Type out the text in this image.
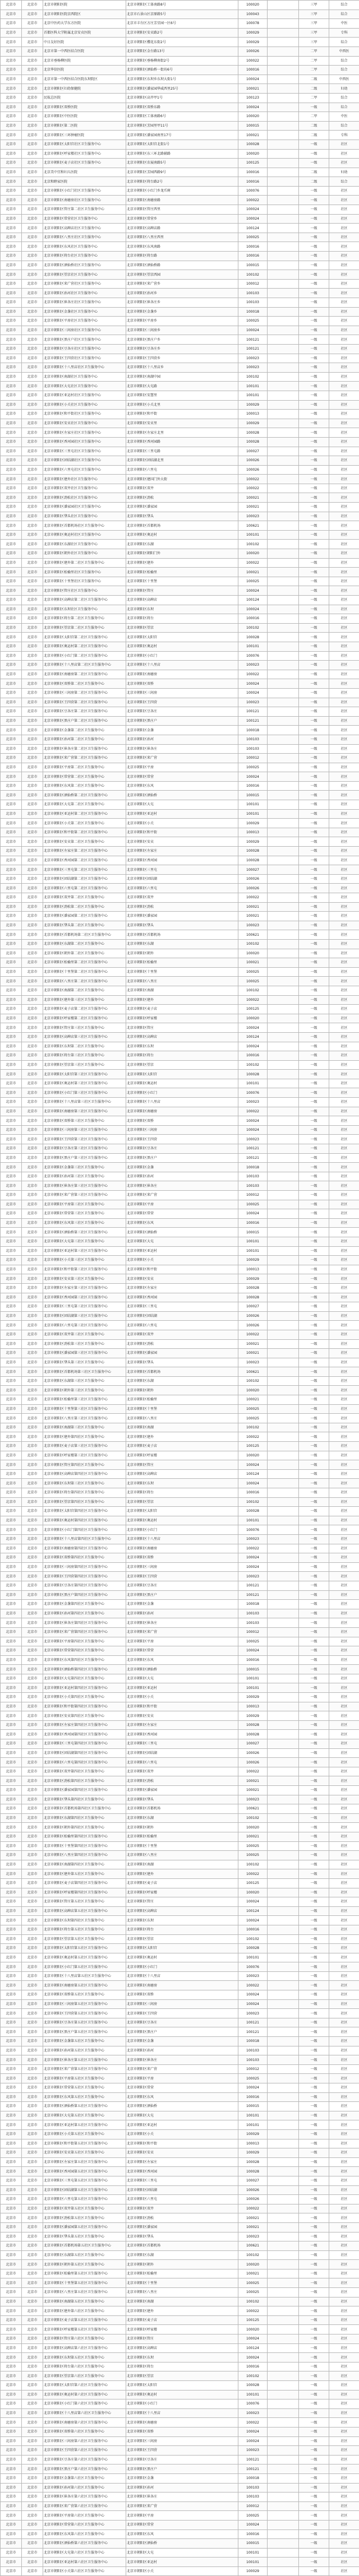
北京市	北京市	北京市朝阳医院	北京市朝阳区工体南路8号	100020		三甲	综合
北京市	北京市	北京市朝阳医院京西院区	北京市石景山区京原路5号	100043		三甲	综合
北京市	北京市	北京中医药大学东方医院	北京市丰台区方庄芳星园一区6号	100078		三甲	中医
北京市	北京市	首都医科大学附属北京安贞医院	北京市朝阳区安贞路2号	100029		三甲	专科
北京市	北京市	中日友好医院	北京市朝阳区樱花东街2号	100029		三甲	综合
北京市	北京市	北京市第一中西医结合医院	北京市朝阳区金台路13号	100026		二甲	中西医
北京市	北京市	北京市垂杨柳医院	北京市朝阳区垂杨柳南街2号	100022		二甲	综合
北京市	北京市	北京华信医院	北京市朝阳区酒仙桥一街坊6号	100016		二甲	综合
北京市	北京市	北京市第一中西医结合医院东坝院区	北京市朝阳区东坝乡东坝大街1号	100024		二级	中西医
北京市	北京市	北京市朝阳区妇幼保健院	北京市朝阳区潘家园华威西里25号	100021		二级	妇幼
北京市	北京市	民航总医院	北京市朝阳区高井甲1号	100123		二甲	综合
北京市	北京市	北京市朝阳区双桥医院	北京市朝阳区双桥东路	100024		一级	综合
北京市	北京市	北京市朝阳区中医医院	北京市朝阳区工体南路6号	100020		二甲	中医
北京市	北京市	北京市朝阳区第二医院	北京市朝阳区芳园里甲11号	100015		二级	综合
北京市	北京市	北京市朝阳区三环肿瘤医院	北京市朝阳区潘家园南里17号	100021		二级	专科
北京市	北京市	北京市朝阳区太阳宫社区卫生服务中心	北京市朝阳区太阳宫北街1号	100028		一级	社区
北京市	北京市	北京市朝阳区呼家楼社区卫生服务中心	北京市朝阳区东三环北路辅路	100020		一级	社区
北京市	北京市	北京市朝阳区麦子店社区卫生服务中心	北京市朝阳区农展南路5号	100125		一级	社区
北京市	北京市	北京美中宜和妇儿医院	北京市朝阳区芳园西路9号	100016		二级	妇幼
北京市	北京市	北京和睦家医院	北京市朝阳区将台路2号	100016		二级	综合
北京市	北京市	北京市朝阳区小红门社区卫生服务中心	北京市朝阳区小红门乡龙爪树	100076		一级	社区
北京市	北京市	北京市朝阳区南磨房社区卫生服务中心	北京市朝阳区南磨房路	100022		一级	社区
北京市	北京市	北京市朝阳区管庄第二社区卫生服务中心	北京市朝阳区管庄西里	100024		一级	社区
北京市	北京市	北京市朝阳区常营社区卫生服务中心	北京市朝阳区常营乡	100024		一级	社区
北京市	北京市	北京市朝阳区高碑店社区卫生服务中心	北京市朝阳区高碑店路	100124		一级	社区
北京市	北京市	北京市朝阳区八里庄社区卫生服务中心	北京市朝阳区八里庄西里	100025		一级	社区
北京市	北京市	北京市朝阳区东风社区卫生服务中心	北京市朝阳区东风南路	100016		一级	社区
北京市	北京市	北京市朝阳区将台社区卫生服务中心	北京市朝阳区将台路	100016		一级	社区
北京市	北京市	北京市朝阳区酒仙桥社区卫生服务中心	北京市朝阳区酒仙桥路	100015		一级	社区
北京市	北京市	北京市朝阳区望京社区卫生服务中心	北京市朝阳区望京西园	100102		一级	社区
北京市	北京市	北京市朝阳区来广营社区卫生服务中心	北京市朝阳区来广营乡	100012		一级	社区
北京市	北京市	北京市朝阳区孙河社区卫生服务中心	北京市朝阳区孙河乡	100103		一级	社区
北京市	北京市	北京市朝阳区崔各庄社区卫生服务中心	北京市朝阳区崔各庄乡	100103		一级	社区
北京市	北京市	北京市朝阳区金盏社区卫生服务中心	北京市朝阳区金盏乡	100018		一级	社区
北京市	北京市	北京市朝阳区平房社区卫生服务中心	北京市朝阳区平房乡	100025		一级	社区
北京市	北京市	北京市朝阳区三间房社区卫生服务中心	北京市朝阳区三间房乡	100024		一级	社区
北京市	北京市	北京市朝阳区黑庄户社区卫生服务中心	北京市朝阳区黑庄户乡	100121		一级	社区
北京市	北京市	北京市朝阳区豆各庄社区卫生服务中心	北京市朝阳区豆各庄乡	100121		一级	社区
北京市	北京市	北京市朝阳区王四营社区卫生服务中心	北京市朝阳区王四营乡	100023		一级	社区
北京市	北京市	北京市朝阳区十八里店社区卫生服务中心	北京市朝阳区十八里店乡	100023		一级	社区
北京市	北京市	北京市朝阳区南湖社区卫生服务中心	北京市朝阳区南湖中园	100102		一级	社区
北京市	北京市	北京市朝阳区大屯社区卫生服务中心	北京市朝阳区大屯路	100101		一级	社区
北京市	北京市	北京市朝阳区亚运村社区卫生服务中心	北京市朝阳区安慧里	100101		一级	社区
北京市	北京市	北京市朝阳区小关社区卫生服务中心	北京市朝阳区小关北里	100029		一级	社区
北京市	北京市	北京市朝阳区和平街社区卫生服务中心	北京市朝阳区和平街	100013		一级	社区
北京市	北京市	北京市朝阳区安贞社区卫生服务中心	北京市朝阳区安贞里	100029		一级	社区
北京市	北京市	北京市朝阳区左家庄社区卫生服务中心	北京市朝阳区左家庄北里	100028		一级	社区
北京市	北京市	北京市朝阳区香河园社区卫生服务中心	北京市朝阳区香河园路	100028		一级	社区
北京市	北京市	北京市朝阳区三里屯社区卫生服务中心	北京市朝阳区三里屯路	100027		一级	社区
北京市	北京市	北京市朝阳区团结湖社区卫生服务中心	北京市朝阳区团结湖北里	100026		一级	社区
北京市	北京市	北京市朝阳区六里屯社区卫生服务中心	北京市朝阳区六里屯	100026		一级	社区
北京市	北京市	北京市朝阳区建外社区卫生服务中心	北京市朝阳区建国门外大街	100022		一级	社区
北京市	北京市	北京市朝阳区双井社区卫生服务中心	北京市朝阳区双井	100022		一级	社区
北京市	北京市	北京市朝阳区劲松社区卫生服务中心	北京市朝阳区劲松	100021		一级	社区
北京市	北京市	北京市朝阳区潘家园社区卫生服务中心	北京市朝阳区潘家园	100021		一级	社区
北京市	北京市	北京市朝阳区垡头社区卫生服务中心	北京市朝阳区垡头	100023		一级	社区
北京市	北京市	北京市朝阳区首都机场社区卫生服务中心	北京市朝阳区首都机场	100621		一级	社区
北京市	北京市	北京市朝阳区奥运村社区卫生服务中心	北京市朝阳区奥运村	100101		一级	社区
北京市	北京市	北京市朝阳区东湖社区卫生服务中心	北京市朝阳区东湖	100102		一级	社区
北京市	北京市	北京市朝阳区朝外社区卫生服务中心	北京市朝阳区朝阳门外	100020		一级	社区
北京市	北京市	北京市朝阳区建外第二社区卫生服务中心	北京市朝阳区建外	100022		一级	社区
北京市	北京市	北京市朝阳区松榆里社区卫生服务中心	北京市朝阳区松榆里	100021		一级	社区
北京市	北京市	北京市朝阳区十里堡社区卫生服务中心	北京市朝阳区十里堡	100025		一级	社区
北京市	北京市	北京市朝阳区管庄社区卫生服务中心	北京市朝阳区管庄	100024		一级	社区
北京市	北京市	北京市朝阳区高碑店第二社区卫生服务中心	北京市朝阳区高碑店	100124		一级	社区
北京市	北京市	北京市朝阳区东坝社区卫生服务中心	北京市朝阳区东坝	100024		一级	社区
北京市	北京市	北京市朝阳区将台第二社区卫生服务中心	北京市朝阳区将台	100016		一级	社区
北京市	北京市	北京市朝阳区望京第二社区卫生服务中心	北京市朝阳区望京	100102		一级	社区
北京市	北京市	北京市朝阳区太阳宫第二社区卫生服务中心	北京市朝阳区太阳宫	100028		一级	社区
北京市	北京市	北京市朝阳区奥运村第二社区卫生服务中心	北京市朝阳区奥运村	100101		一级	社区
北京市	北京市	北京市朝阳区小红门第二社区卫生服务中心	北京市朝阳区小红门	100076		一级	社区
北京市	北京市	北京市朝阳区十八里店第二社区卫生服务中心	北京市朝阳区十八里店	100023		一级	社区
北京市	北京市	北京市朝阳区南磨房第二社区卫生服务中心	北京市朝阳区南磨房	100022		一级	社区
北京市	北京市	北京市朝阳区双桥第二社区卫生服务中心	北京市朝阳区双桥	100024		一级	社区
北京市	北京市	北京市朝阳区三间房第二社区卫生服务中心	北京市朝阳区三间房	100024		一级	社区
北京市	北京市	北京市朝阳区王四营第二社区卫生服务中心	北京市朝阳区王四营	100023		一级	社区
北京市	北京市	北京市朝阳区豆各庄第二社区卫生服务中心	北京市朝阳区豆各庄	100121		一级	社区
北京市	北京市	北京市朝阳区黑庄户第二社区卫生服务中心	北京市朝阳区黑庄户	100121		一级	社区
北京市	北京市	北京市朝阳区金盏第二社区卫生服务中心	北京市朝阳区金盏	100018		一级	社区
北京市	北京市	北京市朝阳区孙河第二社区卫生服务中心	北京市朝阳区孙河	100103		一级	社区
北京市	北京市	北京市朝阳区崔各庄第二社区卫生服务中心	北京市朝阳区崔各庄	100103		一级	社区
北京市	北京市	北京市朝阳区来广营第二社区卫生服务中心	北京市朝阳区来广营	100012		一级	社区
北京市	北京市	北京市朝阳区平房第二社区卫生服务中心	北京市朝阳区平房	100025		一级	社区
北京市	北京市	北京市朝阳区常营第二社区卫生服务中心	北京市朝阳区常营	100024		一级	社区
北京市	北京市	北京市朝阳区东风第二社区卫生服务中心	北京市朝阳区东风	100016		一级	社区
北京市	北京市	北京市朝阳区酒仙桥第二社区卫生服务中心	北京市朝阳区酒仙桥	100015		一级	社区
北京市	北京市	北京市朝阳区大屯第二社区卫生服务中心	北京市朝阳区大屯	100101		一级	社区
北京市	北京市	北京市朝阳区亚运村第二社区卫生服务中心	北京市朝阳区亚运村	100101		一级	社区
北京市	北京市	北京市朝阳区小关第二社区卫生服务中心	北京市朝阳区小关	100029		一级	社区
北京市	北京市	北京市朝阳区和平街第二社区卫生服务中心	北京市朝阳区和平街	100013		一级	社区
北京市	北京市	北京市朝阳区安贞第二社区卫生服务中心	北京市朝阳区安贞	100029		一级	社区
北京市	北京市	北京市朝阳区左家庄第二社区卫生服务中心	北京市朝阳区左家庄	100028		一级	社区
北京市	北京市	北京市朝阳区香河园第二社区卫生服务中心	北京市朝阳区香河园	100028		一级	社区
北京市	北京市	北京市朝阳区三里屯第二社区卫生服务中心	北京市朝阳区三里屯	100027		一级	社区
北京市	北京市	北京市朝阳区团结湖第二社区卫生服务中心	北京市朝阳区团结湖	100026		一级	社区
北京市	北京市	北京市朝阳区六里屯第二社区卫生服务中心	北京市朝阳区六里屯	100026		一级	社区
北京市	北京市	北京市朝阳区双井第二社区卫生服务中心	北京市朝阳区双井	100022		一级	社区
北京市	北京市	北京市朝阳区劲松第二社区卫生服务中心	北京市朝阳区劲松	100021		一级	社区
北京市	北京市	北京市朝阳区潘家园第二社区卫生服务中心	北京市朝阳区潘家园	100021		一级	社区
北京市	北京市	北京市朝阳区垡头第二社区卫生服务中心	北京市朝阳区垡头	100023		一级	社区
北京市	北京市	北京市朝阳区首都机场第二社区卫生服务中心	北京市朝阳区首都机场	100621		一级	社区
北京市	北京市	北京市朝阳区东湖第二社区卫生服务中心	北京市朝阳区东湖	100102		一级	社区
北京市	北京市	北京市朝阳区朝外第二社区卫生服务中心	北京市朝阳区朝外	100020		一级	社区
北京市	北京市	北京市朝阳区松榆里第二社区卫生服务中心	北京市朝阳区松榆里	100021		一级	社区
北京市	北京市	北京市朝阳区十里堡第二社区卫生服务中心	北京市朝阳区十里堡	100025		一级	社区
北京市	北京市	北京市朝阳区八里庄第二社区卫生服务中心	北京市朝阳区八里庄	100025		一级	社区
北京市	北京市	北京市朝阳区南湖第二社区卫生服务中心	北京市朝阳区南湖	100102		一级	社区
北京市	北京市	北京市朝阳区建外第三社区卫生服务中心	北京市朝阳区建外	100022		一级	社区
北京市	北京市	北京市朝阳区麦子店第二社区卫生服务中心	北京市朝阳区麦子店	100125		一级	社区
北京市	北京市	北京市朝阳区呼家楼第二社区卫生服务中心	北京市朝阳区呼家楼	100020		一级	社区
北京市	北京市	北京市朝阳区管庄第三社区卫生服务中心	北京市朝阳区管庄	100024		一级	社区
北京市	北京市	北京市朝阳区高碑店第三社区卫生服务中心	北京市朝阳区高碑店	100124		一级	社区
北京市	北京市	北京市朝阳区东坝第二社区卫生服务中心	北京市朝阳区东坝	100024		一级	社区
北京市	北京市	北京市朝阳区将台第三社区卫生服务中心	北京市朝阳区将台	100016		一级	社区
北京市	北京市	北京市朝阳区望京第三社区卫生服务中心	北京市朝阳区望京	100102		一级	社区
北京市	北京市	北京市朝阳区太阳宫第三社区卫生服务中心	北京市朝阳区太阳宫	100028		一级	社区
北京市	北京市	北京市朝阳区奥运村第三社区卫生服务中心	北京市朝阳区奥运村	100101		一级	社区
北京市	北京市	北京市朝阳区小红门第三社区卫生服务中心	北京市朝阳区小红门	100076		一级	社区
北京市	北京市	北京市朝阳区十八里店第三社区卫生服务中心	北京市朝阳区十八里店	100023		一级	社区
北京市	北京市	北京市朝阳区南磨房第三社区卫生服务中心	北京市朝阳区南磨房	100022		一级	社区
北京市	北京市	北京市朝阳区双桥第三社区卫生服务中心	北京市朝阳区双桥	100024		一级	社区
北京市	北京市	北京市朝阳区三间房第三社区卫生服务中心	北京市朝阳区三间房	100024		一级	社区
北京市	北京市	北京市朝阳区王四营第三社区卫生服务中心	北京市朝阳区王四营	100023		一级	社区
北京市	北京市	北京市朝阳区豆各庄第三社区卫生服务中心	北京市朝阳区豆各庄	100121		一级	社区
北京市	北京市	北京市朝阳区黑庄户第三社区卫生服务中心	北京市朝阳区黑庄户	100121		一级	社区
北京市	北京市	北京市朝阳区金盏第三社区卫生服务中心	北京市朝阳区金盏	100018		一级	社区
北京市	北京市	北京市朝阳区孙河第三社区卫生服务中心	北京市朝阳区孙河	100103		一级	社区
北京市	北京市	北京市朝阳区崔各庄第三社区卫生服务中心	北京市朝阳区崔各庄	100103		一级	社区
北京市	北京市	北京市朝阳区来广营第三社区卫生服务中心	北京市朝阳区来广营	100012		一级	社区
北京市	北京市	北京市朝阳区平房第三社区卫生服务中心	北京市朝阳区平房	100025		一级	社区
北京市	北京市	北京市朝阳区常营第三社区卫生服务中心	北京市朝阳区常营	100024		一级	社区
北京市	北京市	北京市朝阳区东风第三社区卫生服务中心	北京市朝阳区东风	100016		一级	社区
北京市	北京市	北京市朝阳区酒仙桥第三社区卫生服务中心	北京市朝阳区酒仙桥	100015		一级	社区
北京市	北京市	北京市朝阳区大屯第三社区卫生服务中心	北京市朝阳区大屯	100101		一级	社区
北京市	北京市	北京市朝阳区亚运村第三社区卫生服务中心	北京市朝阳区亚运村	100101		一级	社区
北京市	北京市	北京市朝阳区小关第三社区卫生服务中心	北京市朝阳区小关	100029		一级	社区
北京市	北京市	北京市朝阳区和平街第三社区卫生服务中心	北京市朝阳区和平街	100013		一级	社区
北京市	北京市	北京市朝阳区安贞第三社区卫生服务中心	北京市朝阳区安贞	100029		一级	社区
北京市	北京市	北京市朝阳区左家庄第三社区卫生服务中心	北京市朝阳区左家庄	100028		一级	社区
北京市	北京市	北京市朝阳区香河园第三社区卫生服务中心	北京市朝阳区香河园	100028		一级	社区
北京市	北京市	北京市朝阳区三里屯第三社区卫生服务中心	北京市朝阳区三里屯	100027		一级	社区
北京市	北京市	北京市朝阳区团结湖第三社区卫生服务中心	北京市朝阳区团结湖	100026		一级	社区
北京市	北京市	北京市朝阳区六里屯第三社区卫生服务中心	北京市朝阳区六里屯	100026		一级	社区
北京市	北京市	北京市朝阳区双井第三社区卫生服务中心	北京市朝阳区双井	100022		一级	社区
北京市	北京市	北京市朝阳区劲松第三社区卫生服务中心	北京市朝阳区劲松	100021		一级	社区
北京市	北京市	北京市朝阳区潘家园第三社区卫生服务中心	北京市朝阳区潘家园	100021		一级	社区
北京市	北京市	北京市朝阳区垡头第三社区卫生服务中心	北京市朝阳区垡头	100023		一级	社区
北京市	北京市	北京市朝阳区首都机场第三社区卫生服务中心	北京市朝阳区首都机场	100621		一级	社区
北京市	北京市	北京市朝阳区东湖第三社区卫生服务中心	北京市朝阳区东湖	100102		一级	社区
北京市	北京市	北京市朝阳区朝外第三社区卫生服务中心	北京市朝阳区朝外	100020		一级	社区
北京市	北京市	北京市朝阳区松榆里第三社区卫生服务中心	北京市朝阳区松榆里	100021		一级	社区
北京市	北京市	北京市朝阳区十里堡第三社区卫生服务中心	北京市朝阳区十里堡	100025		一级	社区
北京市	北京市	北京市朝阳区八里庄第三社区卫生服务中心	北京市朝阳区八里庄	100025		一级	社区
北京市	北京市	北京市朝阳区南湖第三社区卫生服务中心	北京市朝阳区南湖	100102		一级	社区
北京市	北京市	北京市朝阳区建外第四社区卫生服务中心	北京市朝阳区建外	100022		一级	社区
北京市	北京市	北京市朝阳区麦子店第三社区卫生服务中心	北京市朝阳区麦子店	100125		一级	社区
北京市	北京市	北京市朝阳区呼家楼第三社区卫生服务中心	北京市朝阳区呼家楼	100020		一级	社区
北京市	北京市	北京市朝阳区管庄第四社区卫生服务中心	北京市朝阳区管庄	100024		一级	社区
北京市	北京市	北京市朝阳区高碑店第四社区卫生服务中心	北京市朝阳区高碑店	100124		一级	社区
北京市	北京市	北京市朝阳区东坝第三社区卫生服务中心	北京市朝阳区东坝	100024		一级	社区
北京市	北京市	北京市朝阳区将台第四社区卫生服务中心	北京市朝阳区将台	100016		一级	社区
北京市	北京市	北京市朝阳区望京第四社区卫生服务中心	北京市朝阳区望京	100102		一级	社区
北京市	北京市	北京市朝阳区太阳宫第四社区卫生服务中心	北京市朝阳区太阳宫	100028		一级	社区
北京市	北京市	北京市朝阳区奥运村第四社区卫生服务中心	北京市朝阳区奥运村	100101		一级	社区
北京市	北京市	北京市朝阳区小红门第四社区卫生服务中心	北京市朝阳区小红门	100076		一级	社区
北京市	北京市	北京市朝阳区十八里店第四社区卫生服务中心	北京市朝阳区十八里店	100023		一级	社区
北京市	北京市	北京市朝阳区南磨房第四社区卫生服务中心	北京市朝阳区南磨房	100022		一级	社区
北京市	北京市	北京市朝阳区双桥第四社区卫生服务中心	北京市朝阳区双桥	100024		一级	社区
北京市	北京市	北京市朝阳区三间房第四社区卫生服务中心	北京市朝阳区三间房	100024		一级	社区
北京市	北京市	北京市朝阳区王四营第四社区卫生服务中心	北京市朝阳区王四营	100023		一级	社区
北京市	北京市	北京市朝阳区豆各庄第四社区卫生服务中心	北京市朝阳区豆各庄	100121		一级	社区
北京市	北京市	北京市朝阳区黑庄户第四社区卫生服务中心	北京市朝阳区黑庄户	100121		一级	社区
北京市	北京市	北京市朝阳区金盏第四社区卫生服务中心	北京市朝阳区金盏	100018		一级	社区
北京市	北京市	北京市朝阳区孙河第四社区卫生服务中心	北京市朝阳区孙河	100103		一级	社区
北京市	北京市	北京市朝阳区崔各庄第四社区卫生服务中心	北京市朝阳区崔各庄	100103		一级	社区
北京市	北京市	北京市朝阳区来广营第四社区卫生服务中心	北京市朝阳区来广营	100012		一级	社区
北京市	北京市	北京市朝阳区平房第四社区卫生服务中心	北京市朝阳区平房	100025		一级	社区
北京市	北京市	北京市朝阳区常营第四社区卫生服务中心	北京市朝阳区常营	100024		一级	社区
北京市	北京市	北京市朝阳区东风第四社区卫生服务中心	北京市朝阳区东风	100016		一级	社区
北京市	北京市	北京市朝阳区酒仙桥第四社区卫生服务中心	北京市朝阳区酒仙桥	100015		一级	社区
北京市	北京市	北京市朝阳区大屯第四社区卫生服务中心	北京市朝阳区大屯	100101		一级	社区
北京市	北京市	北京市朝阳区亚运村第四社区卫生服务中心	北京市朝阳区亚运村	100101		一级	社区
北京市	北京市	北京市朝阳区小关第四社区卫生服务中心	北京市朝阳区小关	100029		一级	社区
北京市	北京市	北京市朝阳区和平街第四社区卫生服务中心	北京市朝阳区和平街	100013		一级	社区
北京市	北京市	北京市朝阳区安贞第四社区卫生服务中心	北京市朝阳区安贞	100029		一级	社区
北京市	北京市	北京市朝阳区左家庄第四社区卫生服务中心	北京市朝阳区左家庄	100028		一级	社区
北京市	北京市	北京市朝阳区香河园第四社区卫生服务中心	北京市朝阳区香河园	100028		一级	社区
北京市	北京市	北京市朝阳区三里屯第四社区卫生服务中心	北京市朝阳区三里屯	100027		一级	社区
北京市	北京市	北京市朝阳区团结湖第四社区卫生服务中心	北京市朝阳区团结湖	100026		一级	社区
北京市	北京市	北京市朝阳区六里屯第四社区卫生服务中心	北京市朝阳区六里屯	100026		一级	社区
北京市	北京市	北京市朝阳区双井第四社区卫生服务中心	北京市朝阳区双井	100022		一级	社区
北京市	北京市	北京市朝阳区劲松第四社区卫生服务中心	北京市朝阳区劲松	100021		一级	社区
北京市	北京市	北京市朝阳区潘家园第四社区卫生服务中心	北京市朝阳区潘家园	100021		一级	社区
北京市	北京市	北京市朝阳区垡头第四社区卫生服务中心	北京市朝阳区垡头	100023		一级	社区
北京市	北京市	北京市朝阳区首都机场第四社区卫生服务中心	北京市朝阳区首都机场	100621		一级	社区
北京市	北京市	北京市朝阳区东湖第四社区卫生服务中心	北京市朝阳区东湖	100102		一级	社区
北京市	北京市	北京市朝阳区朝外第四社区卫生服务中心	北京市朝阳区朝外	100020		一级	社区
北京市	北京市	北京市朝阳区松榆里第四社区卫生服务中心	北京市朝阳区松榆里	100021		一级	社区
北京市	北京市	北京市朝阳区十里堡第四社区卫生服务中心	北京市朝阳区十里堡	100025		一级	社区
北京市	北京市	北京市朝阳区八里庄第四社区卫生服务中心	北京市朝阳区八里庄	100025		一级	社区
北京市	北京市	北京市朝阳区南湖第四社区卫生服务中心	北京市朝阳区南湖	100102		一级	社区
北京市	北京市	北京市朝阳区建外第五社区卫生服务中心	北京市朝阳区建外	100022		一级	社区
北京市	北京市	北京市朝阳区麦子店第四社区卫生服务中心	北京市朝阳区麦子店	100125		一级	社区
北京市	北京市	北京市朝阳区呼家楼第四社区卫生服务中心	北京市朝阳区呼家楼	100020		一级	社区
北京市	北京市	北京市朝阳区管庄第五社区卫生服务中心	北京市朝阳区管庄	100024		一级	社区
北京市	北京市	北京市朝阳区高碑店第五社区卫生服务中心	北京市朝阳区高碑店	100124		一级	社区
北京市	北京市	北京市朝阳区东坝第四社区卫生服务中心	北京市朝阳区东坝	100024		一级	社区
北京市	北京市	北京市朝阳区将台第五社区卫生服务中心	北京市朝阳区将台	100016		一级	社区
北京市	北京市	北京市朝阳区望京第五社区卫生服务中心	北京市朝阳区望京	100102		一级	社区
北京市	北京市	北京市朝阳区太阳宫第五社区卫生服务中心	北京市朝阳区太阳宫	100028		一级	社区
北京市	北京市	北京市朝阳区奥运村第五社区卫生服务中心	北京市朝阳区奥运村	100101		一级	社区
北京市	北京市	北京市朝阳区小红门第五社区卫生服务中心	北京市朝阳区小红门	100076		一级	社区
北京市	北京市	北京市朝阳区十八里店第五社区卫生服务中心	北京市朝阳区十八里店	100023		一级	社区
北京市	北京市	北京市朝阳区南磨房第五社区卫生服务中心	北京市朝阳区南磨房	100022		一级	社区
北京市	北京市	北京市朝阳区双桥第五社区卫生服务中心	北京市朝阳区双桥	100024		一级	社区
北京市	北京市	北京市朝阳区三间房第五社区卫生服务中心	北京市朝阳区三间房	100024		一级	社区
北京市	北京市	北京市朝阳区王四营第五社区卫生服务中心	北京市朝阳区王四营	100023		一级	社区
北京市	北京市	北京市朝阳区豆各庄第五社区卫生服务中心	北京市朝阳区豆各庄	100121		一级	社区
北京市	北京市	北京市朝阳区黑庄户第五社区卫生服务中心	北京市朝阳区黑庄户	100121		一级	社区
北京市	北京市	北京市朝阳区金盏第五社区卫生服务中心	北京市朝阳区金盏	100018		一级	社区
北京市	北京市	北京市朝阳区孙河第五社区卫生服务中心	北京市朝阳区孙河	100103		一级	社区
北京市	北京市	北京市朝阳区崔各庄第五社区卫生服务中心	北京市朝阳区崔各庄	100103		一级	社区
北京市	北京市	北京市朝阳区来广营第五社区卫生服务中心	北京市朝阳区来广营	100012		一级	社区
北京市	北京市	北京市朝阳区平房第五社区卫生服务中心	北京市朝阳区平房	100025		一级	社区
北京市	北京市	北京市朝阳区常营第五社区卫生服务中心	北京市朝阳区常营	100024		一级	社区
北京市	北京市	北京市朝阳区东风第五社区卫生服务中心	北京市朝阳区东风	100016		一级	社区
北京市	北京市	北京市朝阳区酒仙桥第五社区卫生服务中心	北京市朝阳区酒仙桥	100015		一级	社区
北京市	北京市	北京市朝阳区大屯第五社区卫生服务中心	北京市朝阳区大屯	100101		一级	社区
北京市	北京市	北京市朝阳区亚运村第五社区卫生服务中心	北京市朝阳区亚运村	100101		一级	社区
北京市	北京市	北京市朝阳区小关第五社区卫生服务中心	北京市朝阳区小关	100029		一级	社区
北京市	北京市	北京市朝阳区和平街第五社区卫生服务中心	北京市朝阳区和平街	100013		一级	社区
北京市	北京市	北京市朝阳区安贞第五社区卫生服务中心	北京市朝阳区安贞	100029		一级	社区
北京市	北京市	北京市朝阳区左家庄第五社区卫生服务中心	北京市朝阳区左家庄	100028		一级	社区
北京市	北京市	北京市朝阳区香河园第五社区卫生服务中心	北京市朝阳区香河园	100028		一级	社区
北京市	北京市	北京市朝阳区三里屯第五社区卫生服务中心	北京市朝阳区三里屯	100027		一级	社区
北京市	北京市	北京市朝阳区团结湖第五社区卫生服务中心	北京市朝阳区团结湖	100026		一级	社区
北京市	北京市	北京市朝阳区六里屯第五社区卫生服务中心	北京市朝阳区六里屯	100026		一级	社区
北京市	北京市	北京市朝阳区双井第五社区卫生服务中心	北京市朝阳区双井	100022		一级	社区
北京市	北京市	北京市朝阳区劲松第五社区卫生服务中心	北京市朝阳区劲松	100021		一级	社区
北京市	北京市	北京市朝阳区潘家园第五社区卫生服务中心	北京市朝阳区潘家园	100021		一级	社区
北京市	北京市	北京市朝阳区垡头第五社区卫生服务中心	北京市朝阳区垡头	100023		一级	社区
北京市	北京市	北京市朝阳区首都机场第五社区卫生服务中心	北京市朝阳区首都机场	100621		一级	社区
北京市	北京市	北京市朝阳区东湖第五社区卫生服务中心	北京市朝阳区东湖	100102		一级	社区
北京市	北京市	北京市朝阳区朝外第五社区卫生服务中心	北京市朝阳区朝外	100020		一级	社区
北京市	北京市	北京市朝阳区松榆里第五社区卫生服务中心	北京市朝阳区松榆里	100021		一级	社区
北京市	北京市	北京市朝阳区十里堡第五社区卫生服务中心	北京市朝阳区十里堡	100025		一级	社区
北京市	北京市	北京市朝阳区八里庄第五社区卫生服务中心	北京市朝阳区八里庄	100025		一级	社区
北京市	北京市	北京市朝阳区南湖第五社区卫生服务中心	北京市朝阳区南湖	100102		一级	社区
北京市	北京市	北京市朝阳区建外第六社区卫生服务中心	北京市朝阳区建外	100022		一级	社区
北京市	北京市	北京市朝阳区麦子店第五社区卫生服务中心	北京市朝阳区麦子店	100125		一级	社区
北京市	北京市	北京市朝阳区呼家楼第五社区卫生服务中心	北京市朝阳区呼家楼	100020		一级	社区
北京市	北京市	北京市朝阳区管庄第六社区卫生服务中心	北京市朝阳区管庄	100024		一级	社区
北京市	北京市	北京市朝阳区高碑店第六社区卫生服务中心	北京市朝阳区高碑店	100124		一级	社区
北京市	北京市	北京市朝阳区东坝第五社区卫生服务中心	北京市朝阳区东坝	100024		一级	社区
北京市	北京市	北京市朝阳区将台第六社区卫生服务中心	北京市朝阳区将台	100016		一级	社区
北京市	北京市	北京市朝阳区望京第六社区卫生服务中心	北京市朝阳区望京	100102		一级	社区
北京市	北京市	北京市朝阳区太阳宫第六社区卫生服务中心	北京市朝阳区太阳宫	100028		一级	社区
北京市	北京市	北京市朝阳区奥运村第六社区卫生服务中心	北京市朝阳区奥运村	100101		一级	社区
北京市	北京市	北京市朝阳区小红门第六社区卫生服务中心	北京市朝阳区小红门	100076		一级	社区
北京市	北京市	北京市朝阳区十八里店第六社区卫生服务中心	北京市朝阳区十八里店	100023		一级	社区
北京市	北京市	北京市朝阳区南磨房第六社区卫生服务中心	北京市朝阳区南磨房	100022		一级	社区
北京市	北京市	北京市朝阳区双桥第六社区卫生服务中心	北京市朝阳区双桥	100024		一级	社区
北京市	北京市	北京市朝阳区三间房第六社区卫生服务中心	北京市朝阳区三间房	100024		一级	社区
北京市	北京市	北京市朝阳区王四营第六社区卫生服务中心	北京市朝阳区王四营	100023		一级	社区
北京市	北京市	北京市朝阳区豆各庄第六社区卫生服务中心	北京市朝阳区豆各庄	100121		一级	社区
北京市	北京市	北京市朝阳区黑庄户第六社区卫生服务中心	北京市朝阳区黑庄户	100121		一级	社区
北京市	北京市	北京市朝阳区金盏第六社区卫生服务中心	北京市朝阳区金盏	100018		一级	社区
北京市	北京市	北京市朝阳区孙河第六社区卫生服务中心	北京市朝阳区孙河	100103		一级	社区
北京市	北京市	北京市朝阳区崔各庄第六社区卫生服务中心	北京市朝阳区崔各庄	100103		一级	社区
北京市	北京市	北京市朝阳区来广营第六社区卫生服务中心	北京市朝阳区来广营	100012		一级	社区
北京市	北京市	北京市朝阳区平房第六社区卫生服务中心	北京市朝阳区平房	100025		一级	社区
北京市	北京市	北京市朝阳区常营第六社区卫生服务中心	北京市朝阳区常营	100024		一级	社区
北京市	北京市	北京市朝阳区东风第六社区卫生服务中心	北京市朝阳区东风	100016		一级	社区
北京市	北京市	北京市朝阳区酒仙桥第六社区卫生服务中心	北京市朝阳区酒仙桥	100015		一级	社区
北京市	北京市	北京市朝阳区大屯第六社区卫生服务中心	北京市朝阳区大屯	100101		一级	社区
北京市	北京市	北京市朝阳区亚运村第六社区卫生服务中心	北京市朝阳区亚运村	100101		一级	社区
北京市	北京市	北京市朝阳区小关第六社区卫生服务中心	北京市朝阳区小关	100029		一级	社区
